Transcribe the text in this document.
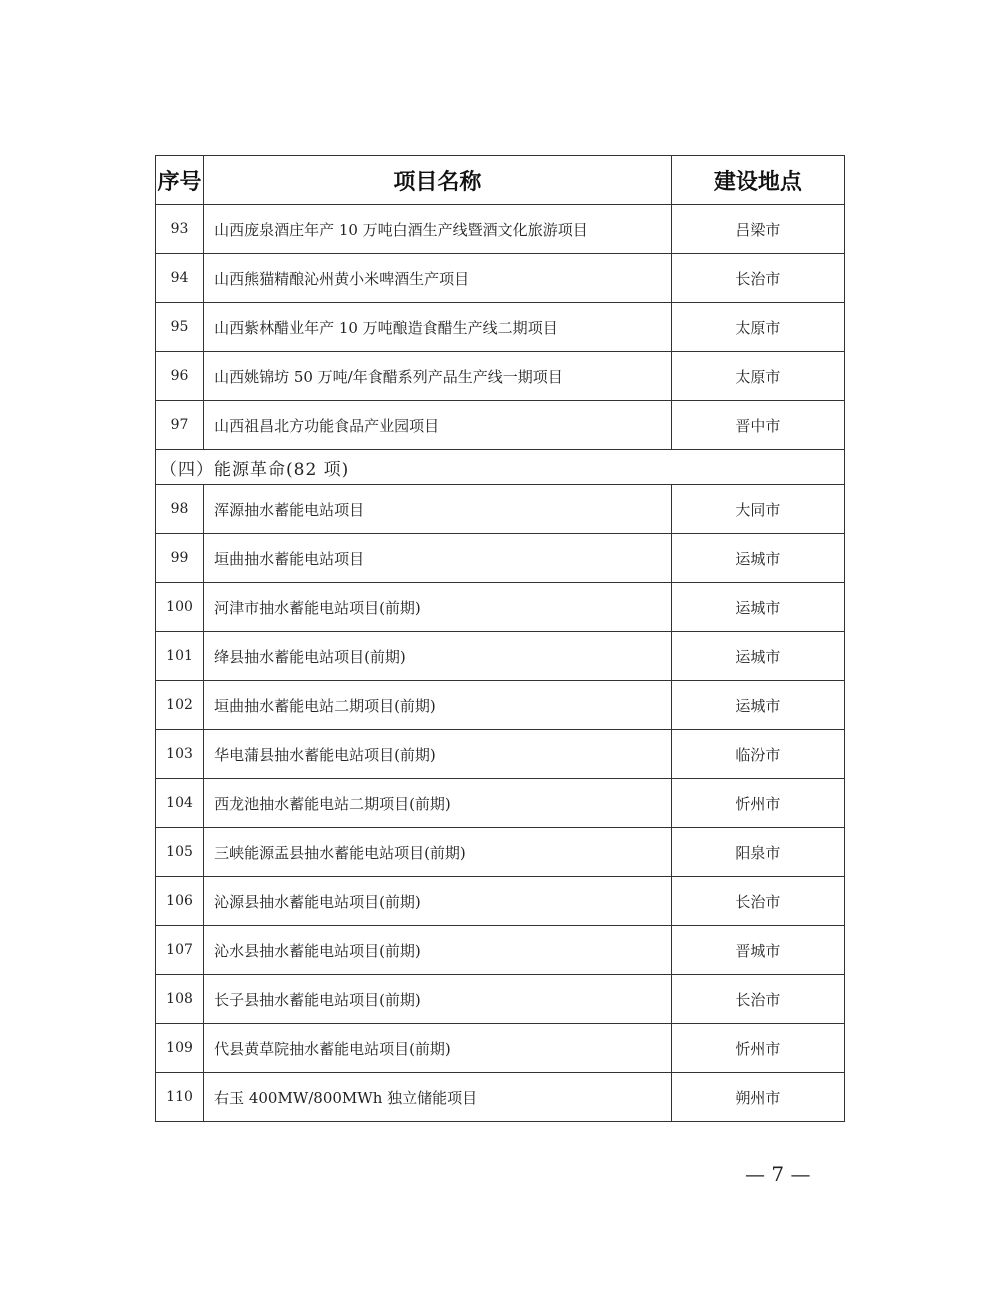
序号	项目名称	建设地点
93	山西庞泉酒庄年产 10 万吨白酒生产线暨酒文化旅游项目	吕梁市
94	山西熊猫精酿沁州黄小米啤酒生产项目	长治市
95	山西紫林醋业年产 10 万吨酿造食醋生产线二期项目	太原市
96	山西姚锦坊 50 万吨/年食醋系列产品生产线一期项目	太原市
97	山西祖昌北方功能食品产业园项目	晋中市
（四）能源革命(82 项)		
98	浑源抽水蓄能电站项目	大同市
99	垣曲抽水蓄能电站项目	运城市
100	河津市抽水蓄能电站项目(前期)	运城市
101	绛县抽水蓄能电站项目(前期)	运城市
102	垣曲抽水蓄能电站二期项目(前期)	运城市
103	华电蒲县抽水蓄能电站项目(前期)	临汾市
104	西龙池抽水蓄能电站二期项目(前期)	忻州市
105	三峡能源盂县抽水蓄能电站项目(前期)	阳泉市
106	沁源县抽水蓄能电站项目(前期)	长治市
107	沁水县抽水蓄能电站项目(前期)	晋城市
108	长子县抽水蓄能电站项目(前期)	长治市
109	代县黄草院抽水蓄能电站项目(前期)	忻州市
110	右玉 400MW/800MWh 独立储能项目	朔州市
— 7 —
